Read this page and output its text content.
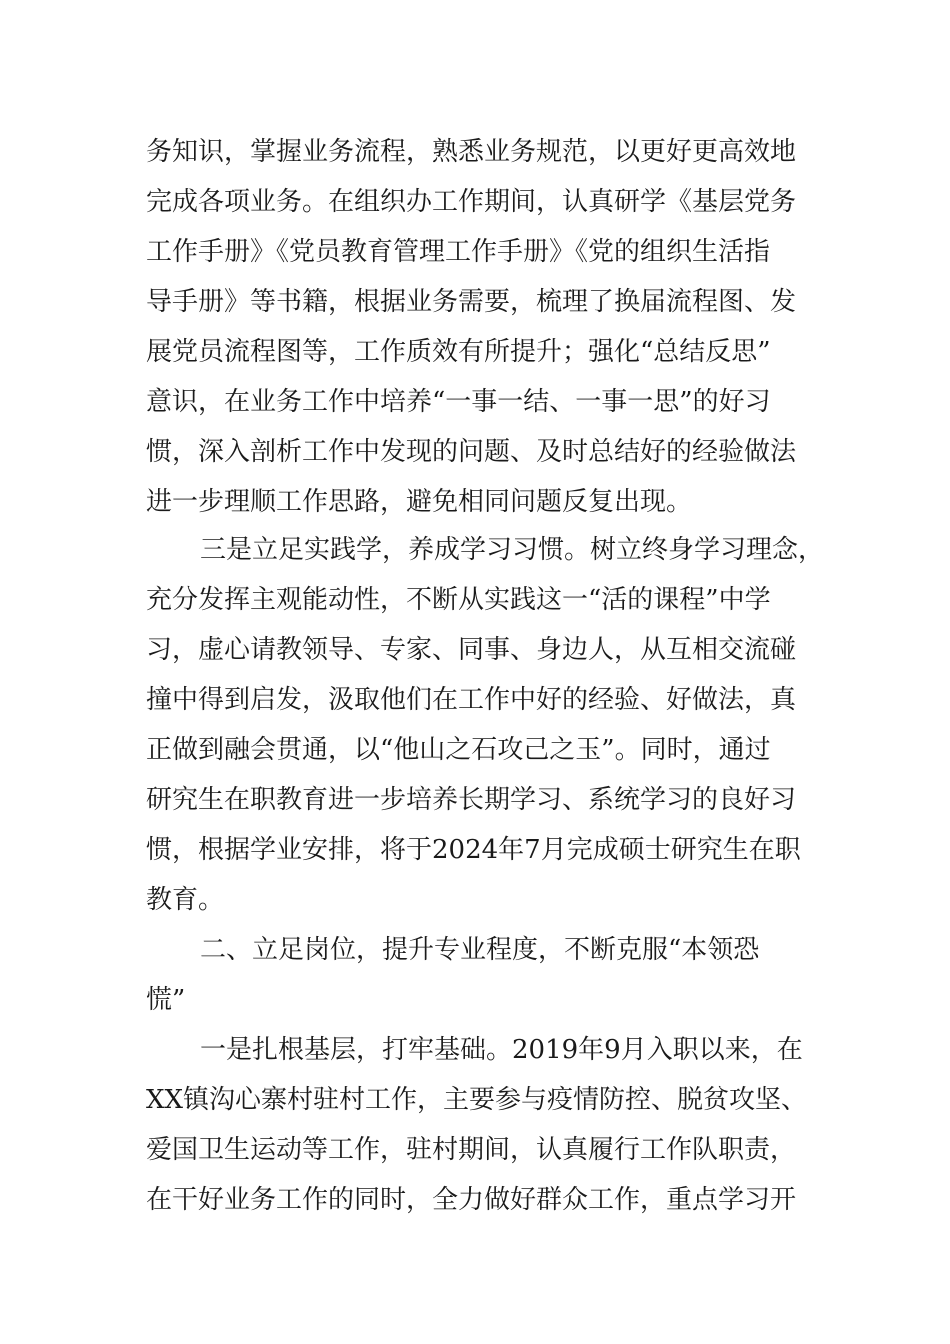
务知识，掌握业务流程，熟悉业务规范，以更好更高效地
完成各项业务。在组织办工作期间，认真研学《基层党务
工作手册》《党员教育管理工作手册》《党的组织生活指
导手册》等书籍，根据业务需要，梳理了换届流程图、发
展党员流程图等，工作质效有所提升；强化“总结反思”
意识，在业务工作中培养“一事一结、一事一思”的好习
惯，深入剖析工作中发现的问题、及时总结好的经验做法
进一步理顺工作思路，避免相同问题反复出现。
三是立足实践学，养成学习习惯。树立终身学习理念，
充分发挥主观能动性，不断从实践这一“活的课程”中学
习，虚心请教领导、专家、同事、身边人，从互相交流碰
撞中得到启发，汲取他们在工作中好的经验、好做法，真
正做到融会贯通，以“他山之石攻己之玉”。同时，通过
研究生在职教育进一步培养长期学习、系统学习的良好习
惯，根据学业安排，将于2024年7月完成硕士研究生在职
教育。
二、立足岗位，提升专业程度，不断克服“本领恐
慌”
一是扎根基层，打牢基础。2019年9月入职以来，在
XX镇沟心寨村驻村工作，主要参与疫情防控、脱贫攻坚、
爱国卫生运动等工作，驻村期间，认真履行工作队职责，
在干好业务工作的同时，全力做好群众工作，重点学习开
